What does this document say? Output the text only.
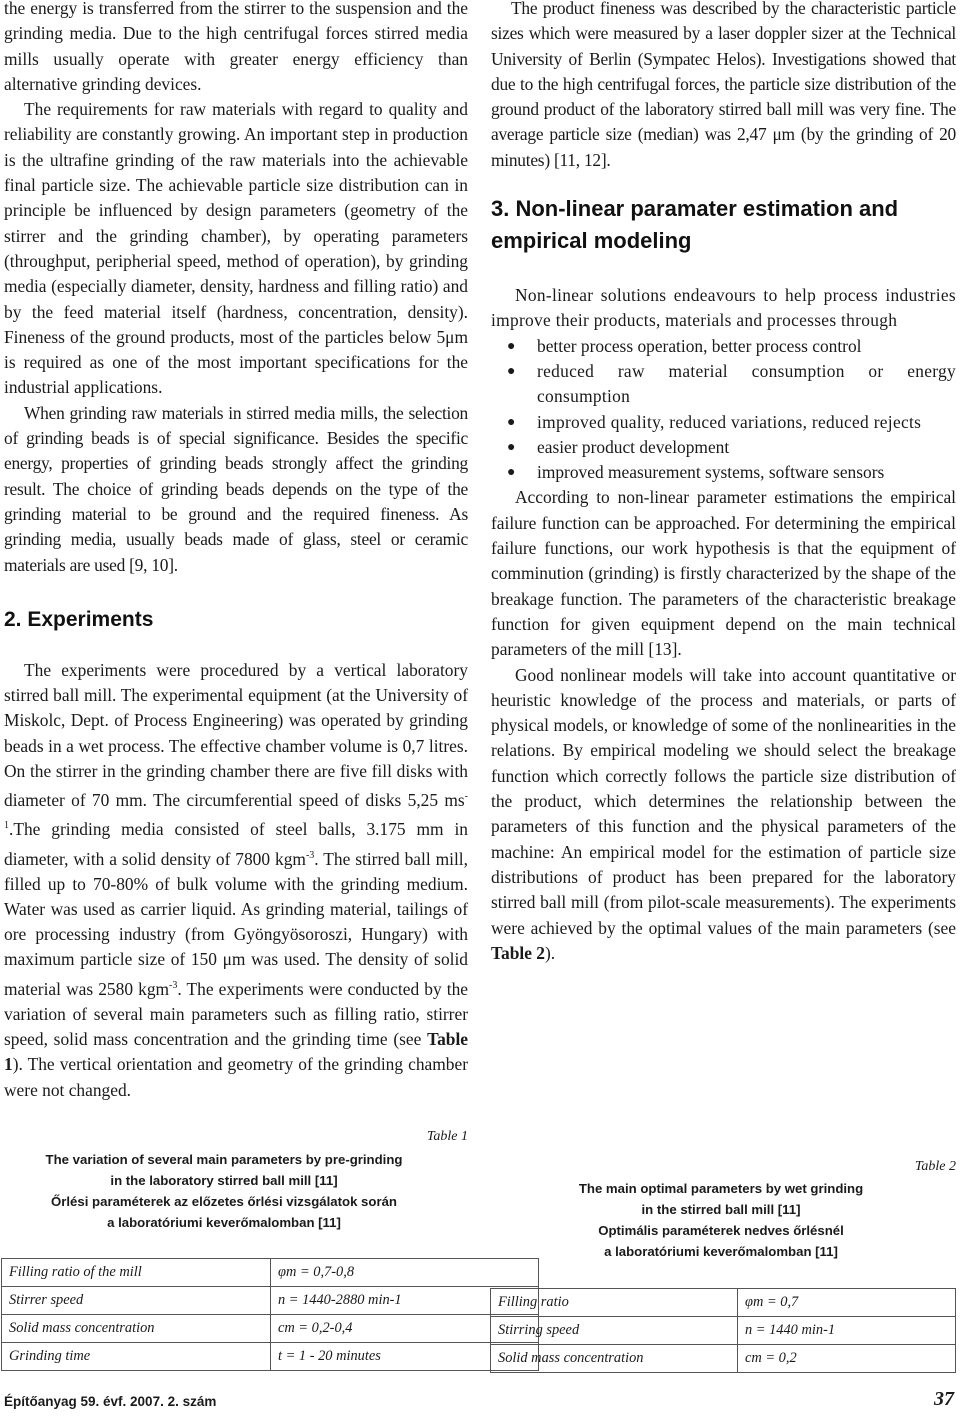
the energy is transferred from the stirrer to the suspension and the grinding media. Due to the high centrifugal forces stirred media mills usually operate with greater energy efficiency than alternative grinding devices.

The requirements for raw materials with regard to quality and reliability are constantly growing. An important step in production is the ultrafine grinding of the raw materials into the achievable final particle size. The achievable particle size distribution can in principle be influenced by design parameters (geometry of the stirrer and the grinding chamber), by operating parameters (throughput, peripherial speed, method of operation), by grinding media (especially diameter, density, hardness and filling ratio) and by the feed material itself (hardness, concentration, density). Fineness of the ground products, most of the particles below 5μm is required as one of the most important specifications for the industrial applications.

When grinding raw materials in stirred media mills, the selection of grinding beads is of special significance. Besides the specific energy, properties of grinding beads strongly affect the grinding result. The choice of grinding beads depends on the type of the grinding material to be ground and the required fineness. As grinding media, usually beads made of glass, steel or ceramic materials are used [9, 10].

2. Experiments

The experiments were procedured by a vertical laboratory stirred ball mill. The experimental equipment (at the University of Miskolc, Dept. of Process Engineering) was operated by grinding beads in a wet process. The effective chamber volume is 0,7 litres. On the stirrer in the grinding chamber there are five fill disks with diameter of 70 mm. The circumferential speed of disks 5,25 $ms^{-1}.The$ grinding media consisted of steel balls, 3.175 mm in diameter, with a solid density of 7800 kgm$^{-3}$. The stirred ball mill, filled up to 70-80% of bulk volume with the grinding medium. Water was used as carrier liquid. As grinding material, tailings of ore processing industry (from Gyöngyösoroszi, Hungary) with maximum particle size of 150 μm was used. The density of solid material was 2580 kgm$^{-3}$. The experiments were conducted by the variation of several main parameters such as filling ratio, stirrer speed, solid mass concentration and the grinding time (see Table 1). The vertical orientation and geometry of the grinding chamber were not changed.

Table 1
The variation of several main parameters by pre-grinding
in the laboratory stirred ball mill [11]
Őrlési paraméterek az előzetes őrlési vizsgálatok során
a laboratóriumi keverőmalomban [11]
Filling ratio of the mill	φm = 0,7-0,8
Stirrer speed	n = 1440-2880 min-1
Solid mass concentration	cm = 0,2-0,4
Grinding time	t = 1 - 20 minutes

The product fineness was described by the characteristic particle sizes which were measured by a laser doppler sizer at the Technical University of Berlin (Sympatec Helos). Investigations showed that due to the high centrifugal forces, the particle size distribution of the ground product of the laboratory stirred ball mill was very fine. The average particle size (median) was 2,47 μm (by the grinding of 20 minutes) [11, 12].

3. Non-linear paramater estimation and empirical modeling

Non-linear solutions endeavours to help process industries improve their products, materials and processes through

● better process operation, better process control
● reduced raw material consumption or energy consumption
● improved quality, reduced variations, reduced rejects
● easier product development
● improved measurement systems, software sensors

According to non-linear parameter estimations the empirical failure function can be approached. For determining the empirical failure functions, our work hypothesis is that the equipment of comminution (grinding) is firstly characterized by the shape of the breakage function. The parameters of the characteristic breakage function for given equipment depend on the main technical parameters of the mill [13].

Good nonlinear models will take into account quantitative or heuristic knowledge of the process and materials, or parts of physical models, or knowledge of some of the nonlinearities in the relations. By empirical modeling we should select the breakage function which correctly follows the particle size distribution of the product, which determines the relationship between the parameters of this function and the physical parameters of the machine: An empirical model for the estimation of particle size distributions of product has been prepared for the laboratory stirred ball mill (from pilot-scale measurements). The experiments were achieved by the optimal values of the main parameters (see Table 2).

Table 2
The main optimal parameters by wet grinding
in the stirred ball mill [11]
Optimális paraméterek nedves őrlésnél
a laboratóriumi keverőmalomban [11]
Filling ratio	φm = 0,7
Stirring speed	n = 1440 min-1
Solid mass concentration	cm = 0,2
Építőanyag 59. évf. 2007. 2. szám	37
